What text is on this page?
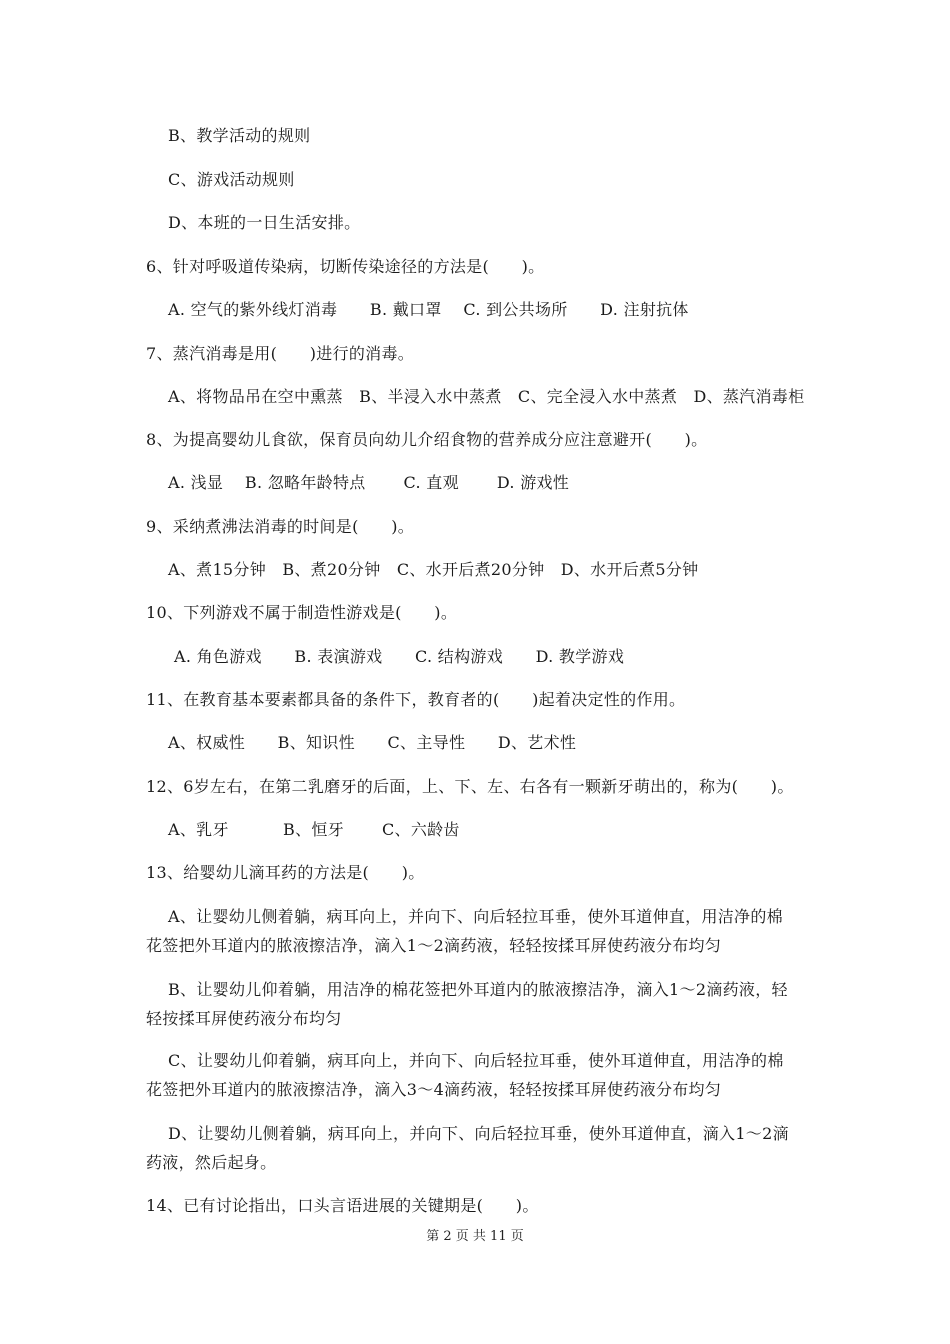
B、教学活动的规则
C、游戏活动规则
D、本班的一日生活安排。
6、针对呼吸道传染病，切断传染途径的方法是(　　)。
A. 空气的紫外线灯消毒　　B. 戴口罩　 C. 到公共场所　　D. 注射抗体
7、蒸汽消毒是用(　　)进行的消毒。
A、将物品吊在空中熏蒸　B、半浸入水中蒸煮　C、完全浸入水中蒸煮　D、蒸汽消毒柜
8、为提高婴幼儿食欲，保育员向幼儿介绍食物的营养成分应注意避开(　　)。
A. 浅显　 B. 忽略年龄特点　　 C. 直观　　 D. 游戏性
9、采纳煮沸法消毒的时间是(　　)。
A、煮15分钟　B、煮20分钟　C、水开后煮20分钟　D、水开后煮5分钟
10、下列游戏不属于制造性游戏是(　　)。
A. 角色游戏　　B. 表演游戏　　C. 结构游戏　　D. 教学游戏
11、在教育基本要素都具备的条件下，教育者的(　　)起着决定性的作用。
A、权威性　　B、知识性　　C、主导性　　D、艺术性
12、6岁左右，在第二乳磨牙的后面，上、下、左、右各有一颗新牙萌出的，称为(　　)。
A、乳牙　　　 B、恒牙　　 C、六龄齿
13、给婴幼儿滴耳药的方法是(　　)。
A、让婴幼儿侧着躺，病耳向上，并向下、向后轻拉耳垂，使外耳道伸直，用洁净的棉
花签把外耳道内的脓液擦洁净，滴入1～2滴药液，轻轻按揉耳屏使药液分布均匀
B、让婴幼儿仰着躺，用洁净的棉花签把外耳道内的脓液擦洁净，滴入1～2滴药液，轻
轻按揉耳屏使药液分布均匀
C、让婴幼儿仰着躺，病耳向上，并向下、向后轻拉耳垂，使外耳道伸直，用洁净的棉
花签把外耳道内的脓液擦洁净，滴入3～4滴药液，轻轻按揉耳屏使药液分布均匀
D、让婴幼儿侧着躺，病耳向上，并向下、向后轻拉耳垂，使外耳道伸直，滴入1～2滴
药液，然后起身。
14、已有讨论指出，口头言语进展的关键期是(　　)。
第 2 页 共 11 页
